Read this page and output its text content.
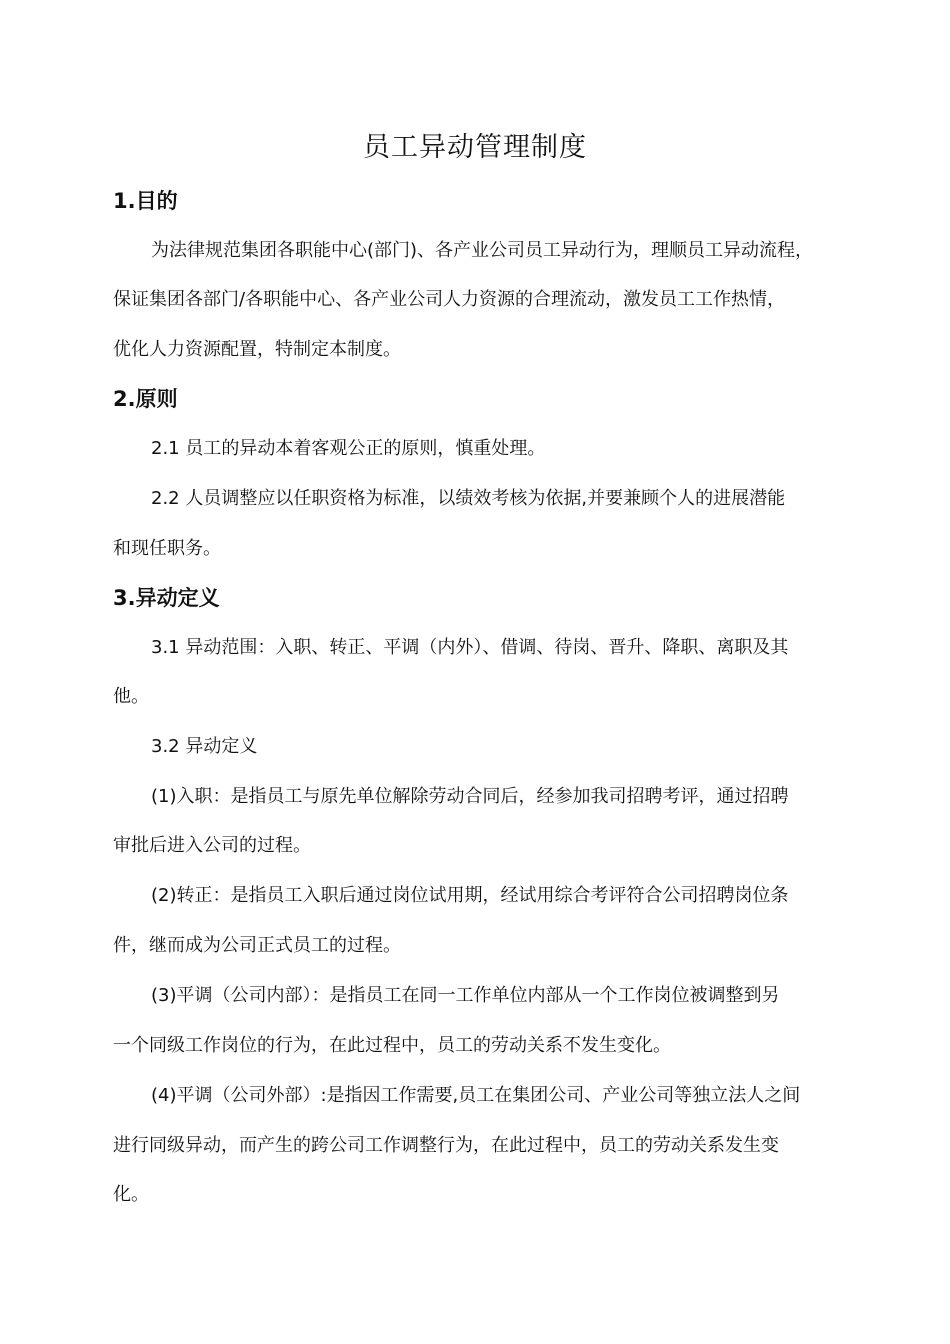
员工异动管理制度
1.目的
为法律规范集团各职能中心(部门)、各产业公司员工异动行为，理顺员工异动流程，
保证集团各部门/各职能中心、各产业公司人力资源的合理流动，激发员工工作热情，
优化人力资源配置，特制定本制度。
2.原则
2.1 员工的异动本着客观公正的原则，慎重处理。
2.2 人员调整应以任职资格为标准，以绩效考核为依据,并要兼顾个人的进展潜能
和现任职务。
3.异动定义
3.1 异动范围：入职、转正、平调（内外）、借调、待岗、晋升、降职、离职及其
他。
3.2 异动定义
(1)入职：是指员工与原先单位解除劳动合同后，经参加我司招聘考评，通过招聘
审批后进入公司的过程。
(2)转正：是指员工入职后通过岗位试用期，经试用综合考评符合公司招聘岗位条
件，继而成为公司正式员工的过程。
(3)平调（公司内部）：是指员工在同一工作单位内部从一个工作岗位被调整到另
一个同级工作岗位的行为，在此过程中，员工的劳动关系不发生变化。
(4)平调（公司外部）:是指因工作需要,员工在集团公司、产业公司等独立法人之间
进行同级异动，而产生的跨公司工作调整行为，在此过程中，员工的劳动关系发生变
化。
